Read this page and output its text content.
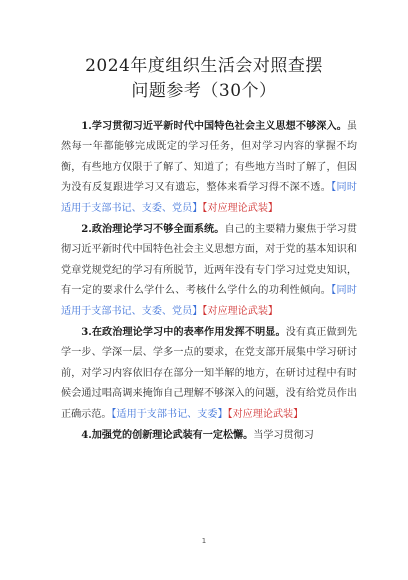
2024年度组织生活会对照查摆
问题参考（30个）

1.学习贯彻习近平新时代中国特色社会主义思想不够深入。虽然每一年都能够完成既定的学习任务，但对学习内容的掌握不均衡，有些地方仅限于了解了、知道了；有些地方当时了解了，但因为没有反复跟进学习又有遗忘，整体来看学习得不深不透。【同时适用于支部书记、支委、党员】【对应理论武装】

2.政治理论学习不够全面系统。自己的主要精力聚焦于学习贯彻习近平新时代中国特色社会主义思想方面，对于党的基本知识和党章党规党纪的学习有所脱节，近两年没有专门学习过党史知识，有一定的要求什么学什么、考核什么学什么的功利性倾向。【同时适用于支部书记、支委、党员】【对应理论武装】

3.在政治理论学习中的表率作用发挥不明显。没有真正做到先学一步、学深一层、学多一点的要求，在党支部开展集中学习研讨前，对学习内容依旧存在部分一知半解的地方，在研讨过程中有时候会通过唱高调来掩饰自己理解不够深入的问题，没有给党员作出正确示范。【适用于支部书记、支委】【对应理论武装】

4.加强党的创新理论武装有一定松懈。当学习贯彻习

1
